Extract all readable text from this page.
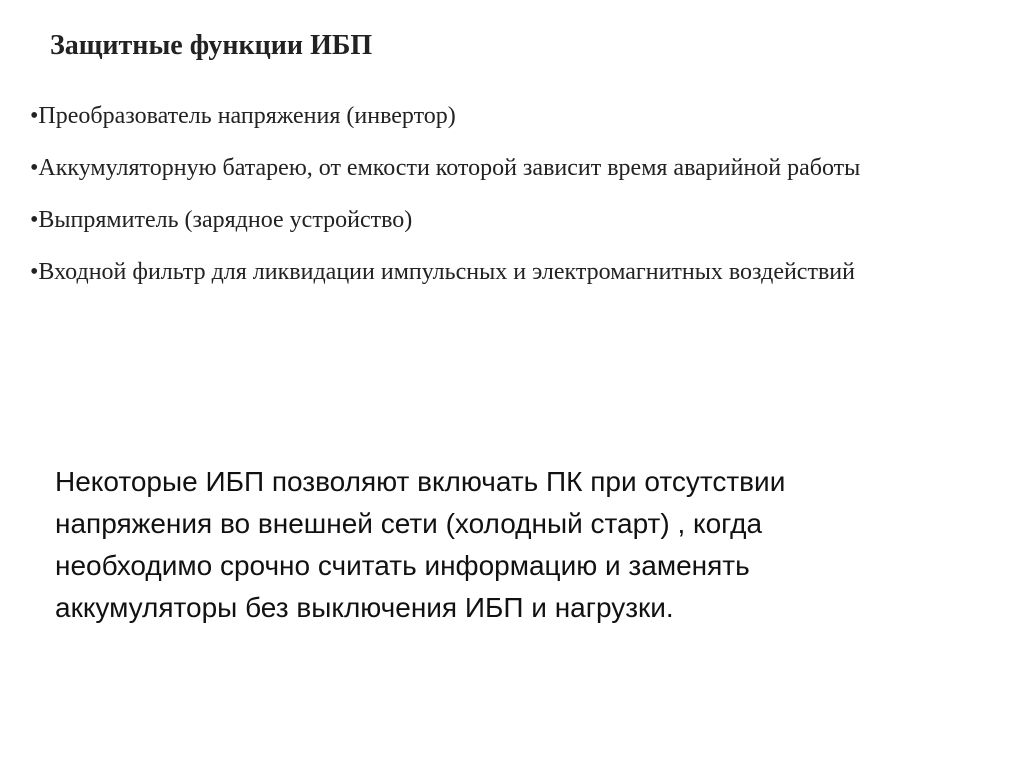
Защитные функции ИБП
•Преобразователь напряжения (инвертор)
•Аккумуляторную батарею, от емкости которой зависит время аварийной работы
•Выпрямитель (зарядное устройство)
•Входной фильтр для ликвидации импульсных и электромагнитных воздействий

Некоторые ИБП позволяют включать ПК при отсутствии напряжения во внешней сети (холодный старт) , когда необходимо срочно считать информацию и заменять аккумуляторы без выключения ИБП и нагрузки.
